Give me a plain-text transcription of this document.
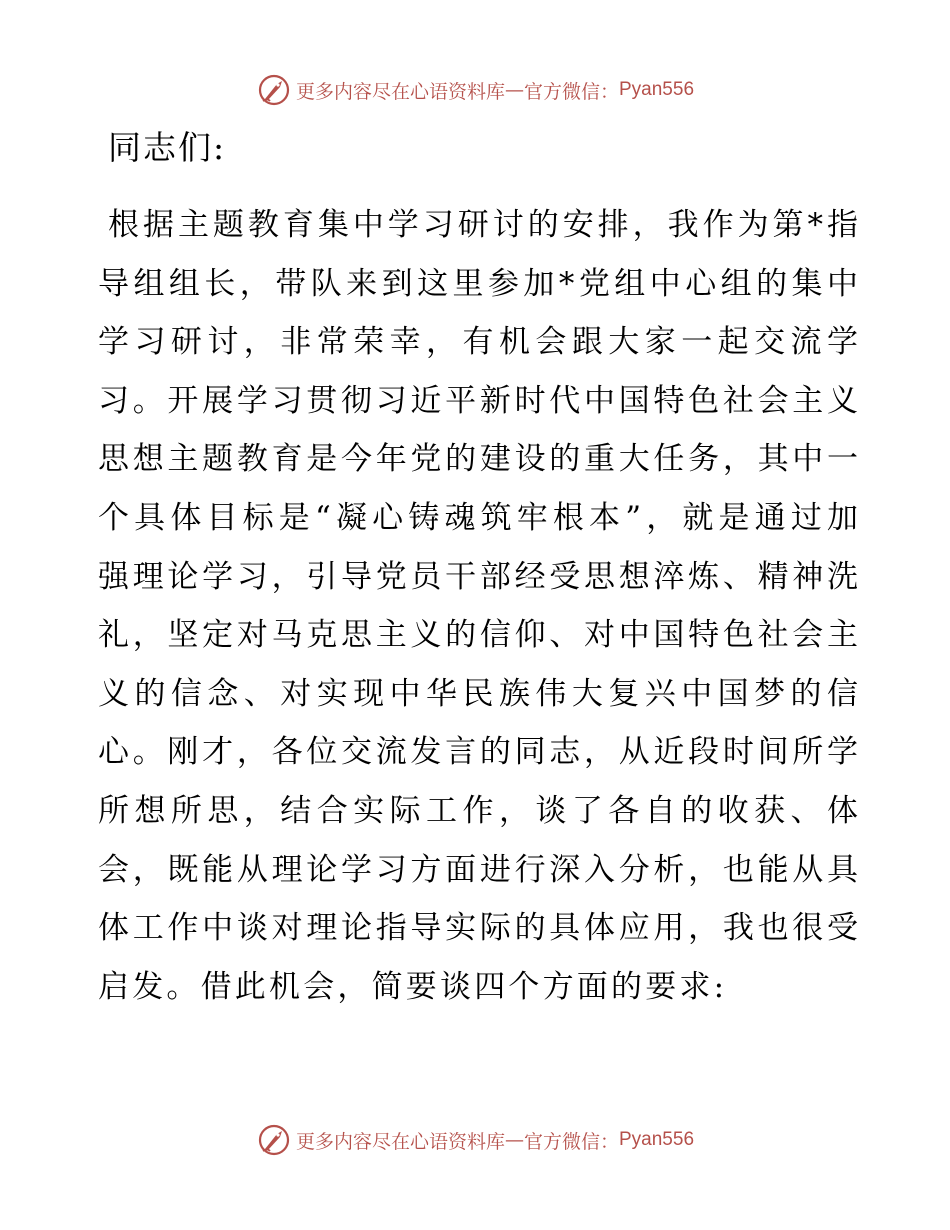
更多内容尽在心语资料库 — 官方微信： Pyan556
同志们:
根据主题教育集中学习研讨的安排，我作为第*指
导组组长，带队来到这里参加*党组中心组的集中
学习研讨，非常荣幸，有机会跟大家一起交流学
习。开展学习贯彻习近平新时代中国特色社会主义
思想主题教育是今年党的建设的重大任务，其中一
个具体目标是“凝心铸魂筑牢根本”，就是通过加
强理论学习，引导党员干部经受思想淬炼、精神洗
礼，坚定对马克思主义的信仰、对中国特色社会主
义的信念、对实现中华民族伟大复兴中国梦的信
心。刚才，各位交流发言的同志，从近段时间所学
所想所思，结合实际工作，谈了各自的收获、体
会，既能从理论学习方面进行深入分析，也能从具
体工作中谈对理论指导实际的具体应用，我也很受
启发。借此机会，简要谈四个方面的要求:
更多内容尽在心语资料库 — 官方微信： Pyan556
